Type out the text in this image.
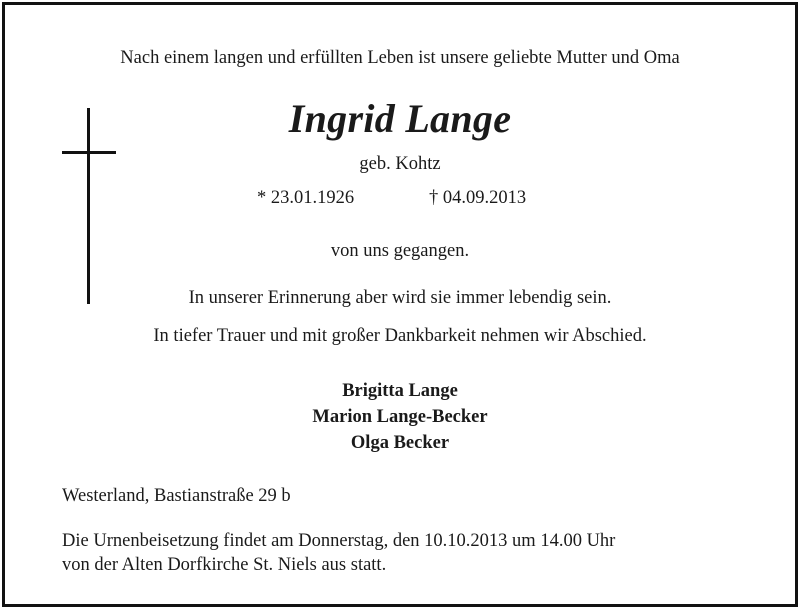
Nach einem langen und erfüllten Leben ist unsere geliebte Mutter und Oma
Ingrid Lange
geb. Kohtz
* 23.01.1926	† 04.09.2013
von uns gegangen.
In unserer Erinnerung aber wird sie immer lebendig sein.
In tiefer Trauer und mit großer Dankbarkeit nehmen wir Abschied.
Brigitta Lange
Marion Lange-Becker
Olga Becker
Westerland, Bastianstraße 29 b
Die Urnenbeisetzung findet am Donnerstag, den 10.10.2013 um 14.00 Uhr
von der Alten Dorfkirche St. Niels aus statt.
